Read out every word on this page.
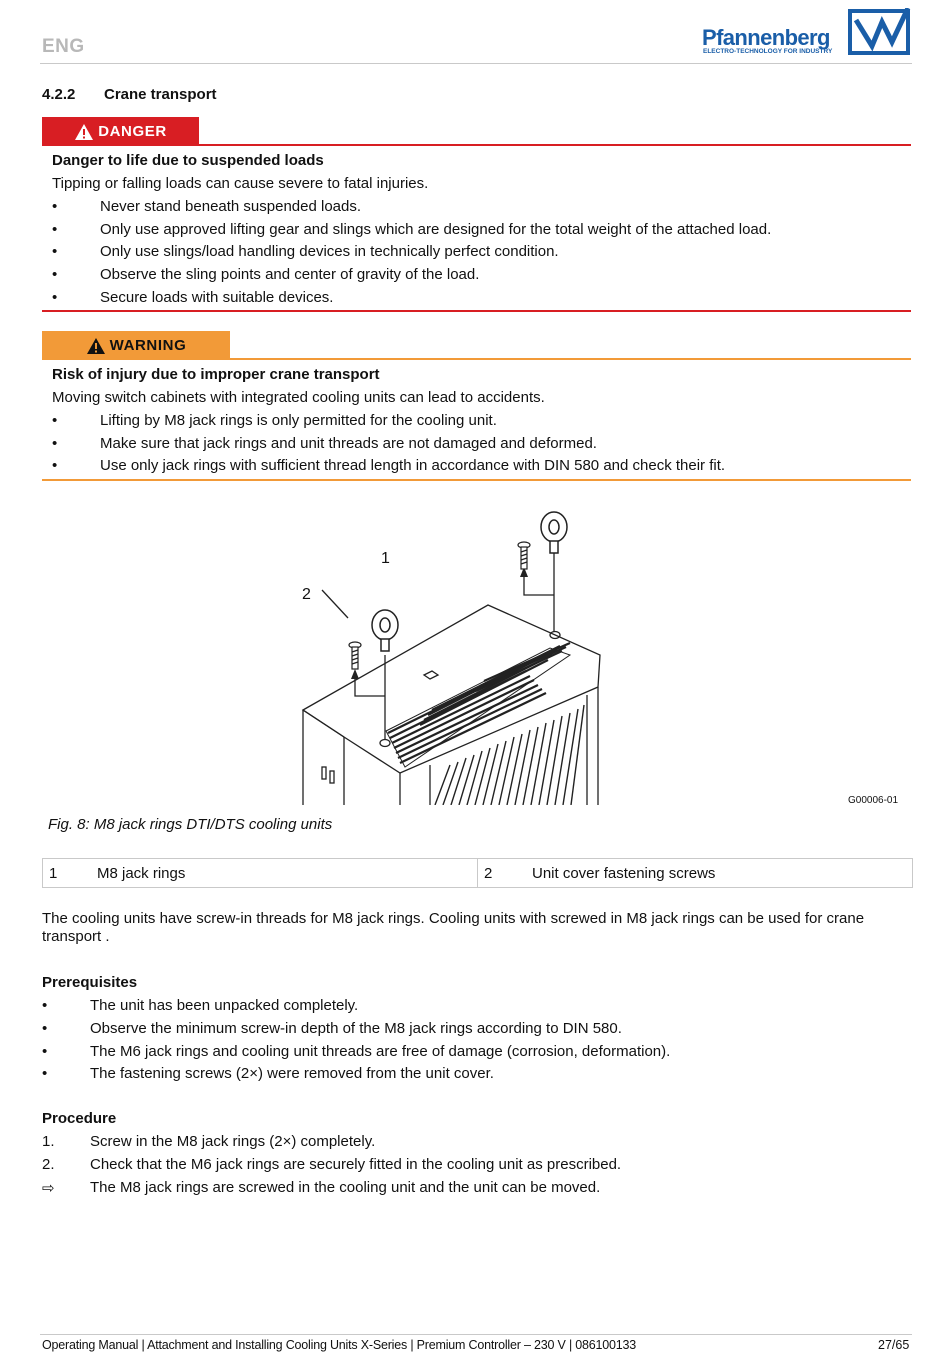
ENG	Pfannenberg
ELECTRO-TECHNOLOGY FOR INDUSTRY
4.2.2 Crane transport
DANGER
Danger to life due to suspended loads
Tipping or falling loads can cause severe to fatal injuries.
•	Never stand beneath suspended loads.
•	Only use approved lifting gear and slings which are designed for the total weight of the attached load.
•	Only use slings/load handling devices in technically perfect condition.
•	Observe the sling points and center of gravity of the load.
•	Secure loads with suitable devices.
WARNING
Risk of injury due to improper crane transport
Moving switch cabinets with integrated cooling units can lead to accidents.
•	Lifting by M8 jack rings is only permitted for the cooling unit.
•	Make sure that jack rings and unit threads are not damaged and deformed.
•	Use only jack rings with sufficient thread length in accordance with DIN 580 and check their fit.
1
2
G00006-01
Fig. 8: M8 jack rings DTI/DTS cooling units
1	M8 jack rings	2	Unit cover fastening screws
The cooling units have screw-in threads for M8 jack rings. Cooling units with screwed in M8 jack rings can be used for crane transport .
Prerequisites
•	The unit has been unpacked completely.
•	Observe the minimum screw-in depth of the M8 jack rings according to DIN 580.
•	The M6 jack rings and cooling unit threads are free of damage (corrosion, deformation).
•	The fastening screws (2×) were removed from the unit cover.
Procedure
1. Screw in the M8 jack rings (2×) completely.
2. Check that the M6 jack rings are securely fitted in the cooling unit as prescribed.
⇨ The M8 jack rings are screwed in the cooling unit and the unit can be moved.
Operating Manual | Attachment and Installing Cooling Units X-Series | Premium Controller – 230 V | 086100133	27/65
